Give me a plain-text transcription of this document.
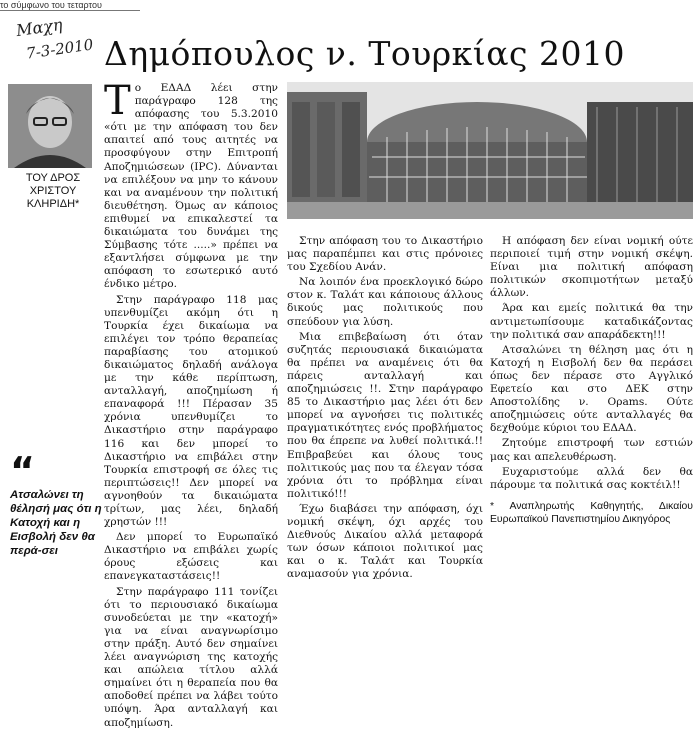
το σύμφωνο του τεταρτου
Μαχη
7-3-2010 Δημόπουλος ν. Τουρκίας 2010
ΤΟΥ ΔΡΟΣ ΧΡΙΣΤΟΥ ΚΛΗΡΙΔΗ*
“
Ατσαλώνει τη θέλησή μας ότι η Κατοχή και η Εισβολή δεν θα περά-σει

Το ΕΔΑΔ λέει στην παράγραφο 128 της απόφασης του 5.3.2010 «ότι με την απόφαση του δεν απαιτεί από τους αιτητές να προσφύγουν στην Επιτροπή Αποζημιώσεων (IPC). Δύνανται να επιλέξουν να μην το κάνουν και να αναμένουν την πολιτική διευθέτηση. Όμως αν κάποιος επιθυμεί να επικαλεστεί τα δικαιώματα του δυνάμει της Σύμβασης τότε .....» πρέπει να εξαντλήσει σύμφωνα με την απόφαση το εσωτερικό αυτό ένδικο μέτρο.

Στην παράγραφο 118 μας υπενθυμίζει ακόμη ότι η Τουρκία έχει δικαίωμα να επιλέγει τον τρόπο θεραπείας παραβίασης του ατομικού δικαιώματος δηλαδή ανάλογα με την κάθε περίπτωση, ανταλλαγή, αποζημίωση ή επαναφορά !!! Πέρασαν 35 χρόνια υπενθυμίζει το Δικαστήριο στην παράγραφο 116 και δεν μπορεί το Δικαστήριο να επιβάλει στην Τουρκία επιστροφή σε όλες τις περιπτώσεις!! Δεν μπορεί να αγνοηθούν τα δικαιώματα τρίτων, μας λέει, δηλαδή χρηστών !!!

Δεν μπορεί το Ευρωπαϊκό Δικαστήριο να επιβάλει χωρίς όρους εξώσεις και επανεγκαταστάσεις!!

Στην παράγραφο 111 τονίζει ότι το περιουσιακό δικαίωμα συνοδεύεται με την «κατοχή» για να είναι αναγνωρίσιμο στην πράξη. Αυτό δεν σημαίνει λέει αναγνώριση της κατοχής και απώλεια τίτλου αλλά σημαίνει ότι η θεραπεία που θα αποδοθεί πρέπει να λάβει τούτο υπόψη. Άρα ανταλλαγή και αποζημίωση.

Στην απόφαση του το Δικαστήριο μας παραπέμπει και στις πρόνοιες του Σχεδίου Ανάν.

Να λοιπόν ένα προεκλογικό δώρο στον κ. Ταλάτ και κάποιους άλλους δικούς μας πολιτικούς που σπεύδουν για λύση.

Μια επιβεβαίωση ότι όταν συζητάς περιουσιακά δικαιώματα θα πρέπει να αναμένεις ότι θα πάρεις ανταλλαγή και αποζημιώσεις !!. Στην παράγραφο 85 το Δικαστήριο μας λέει ότι δεν μπορεί να αγνοήσει τις πολιτικές πραγματικότητες ενός προβλήματος που θα έπρεπε να λυθεί πολιτικά.!! Επιβραβεύει και όλους τους πολιτικούς μας που τα έλεγαν τόσα χρόνια ότι το πρόβλημα είναι πολιτικό!!!

Έχω διαβάσει την απόφαση, όχι νομική σκέψη, όχι αρχές του Διεθνούς Δικαίου αλλά μεταφορά των όσων κάποιοι πολιτικοί μας και ο κ. Ταλάτ και Τουρκία αναμασούν για χρόνια.

Η απόφαση δεν είναι νομική ούτε περιποιεί τιμή στην νομική σκέψη. Είναι μια πολιτική απόφαση πολιτικών σκοπιμοτήτων μεταξύ άλλων.

Άρα και εμείς πολιτικά θα την αντιμετωπίσουμε καταδικάζοντας την πολιτικά σαν απαράδεκτη!!!

Ατσαλώνει τη θέληση μας ότι η Κατοχή η Εισβολή δεν θα περάσει όπως δεν πέρασε στο Αγγλικό Εφετείο και στο ΔΕΚ στην Αποστολίδης ν. Ορams. Ούτε αποζημιώσεις ούτε ανταλλαγές θα δεχθούμε κύριοι του ΕΔΑΔ.

Ζητούμε επιστροφή των εστιών μας και απελευθέρωση.

Ευχαριστούμε αλλά δεν θα πάρουμε τα πολιτικά σας κοκτέιλ!!

* Αναπληρωτής Καθηγητής, Δικαίου Ευρωπαϊκού Πανεπιστημίου Δικηγόρος
